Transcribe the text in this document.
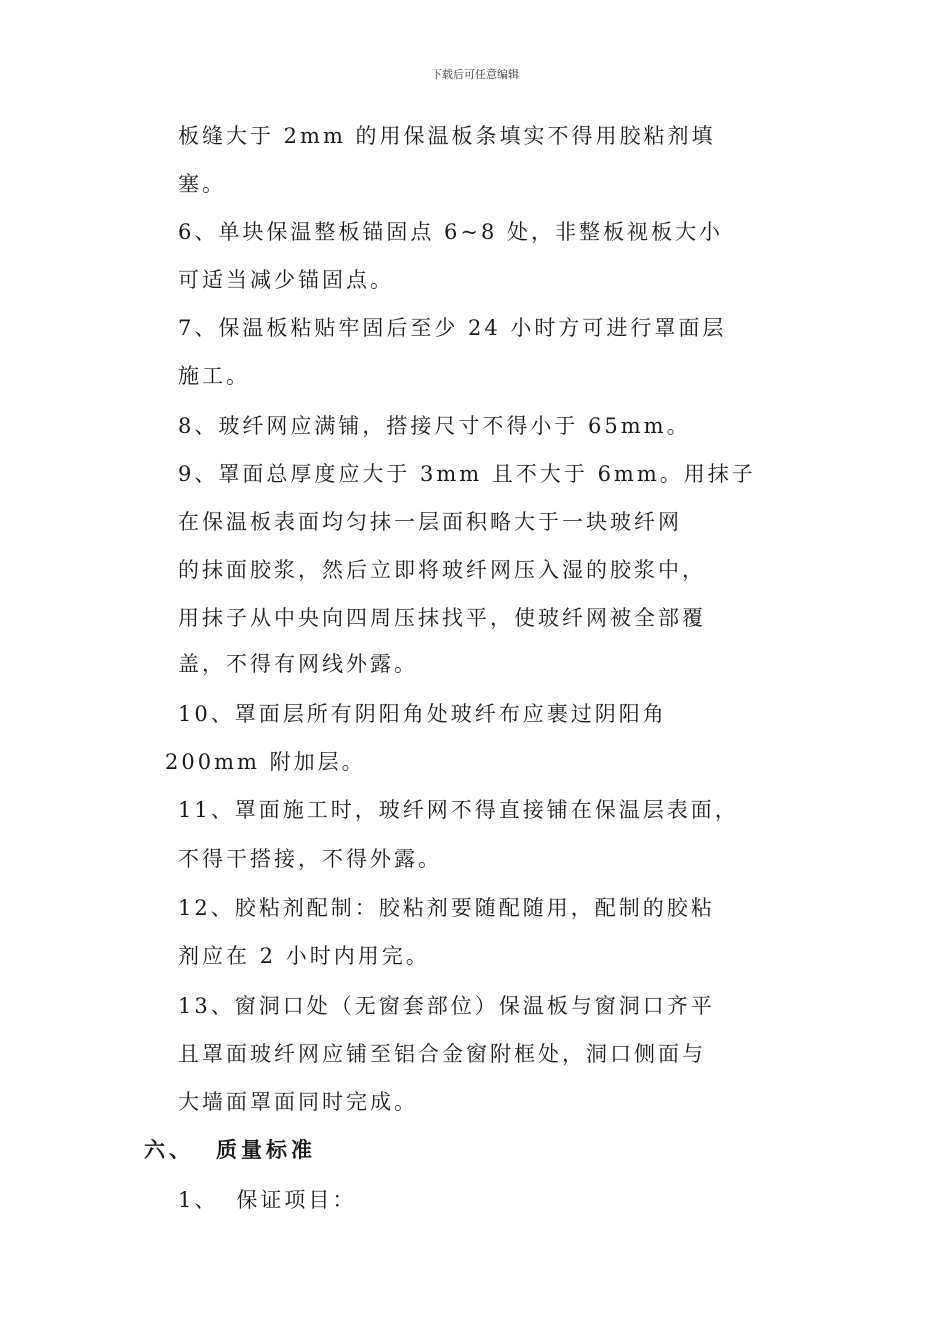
下载后可任意编辑
板缝大于 2mm 的用保温板条填实不得用胶粘剂填
塞。
6、单块保温整板锚固点 6~8 处，非整板视板大小
可适当减少锚固点。
7、保温板粘贴牢固后至少 24 小时方可进行罩面层
施工。
8、玻纤网应满铺，搭接尺寸不得小于 65mm。
9、罩面总厚度应大于 3mm 且不大于 6mm。用抹子
在保温板表面均匀抹一层面积略大于一块玻纤网
的抹面胶浆，然后立即将玻纤网压入湿的胶浆中，
用抹子从中央向四周压抹找平，使玻纤网被全部覆
盖，不得有网线外露。
10、罩面层所有阴阳角处玻纤布应裹过阴阳角
200mm 附加层。
11、罩面施工时，玻纤网不得直接铺在保温层表面，
不得干搭接，不得外露。
12、胶粘剂配制：胶粘剂要随配随用，配制的胶粘
剂应在 2 小时内用完。
13、窗洞口处（无窗套部位）保温板与窗洞口齐平
且罩面玻纤网应铺至铝合金窗附框处，洞口侧面与
大墙面罩面同时完成。
六、 质量标准
1、 保证项目：
